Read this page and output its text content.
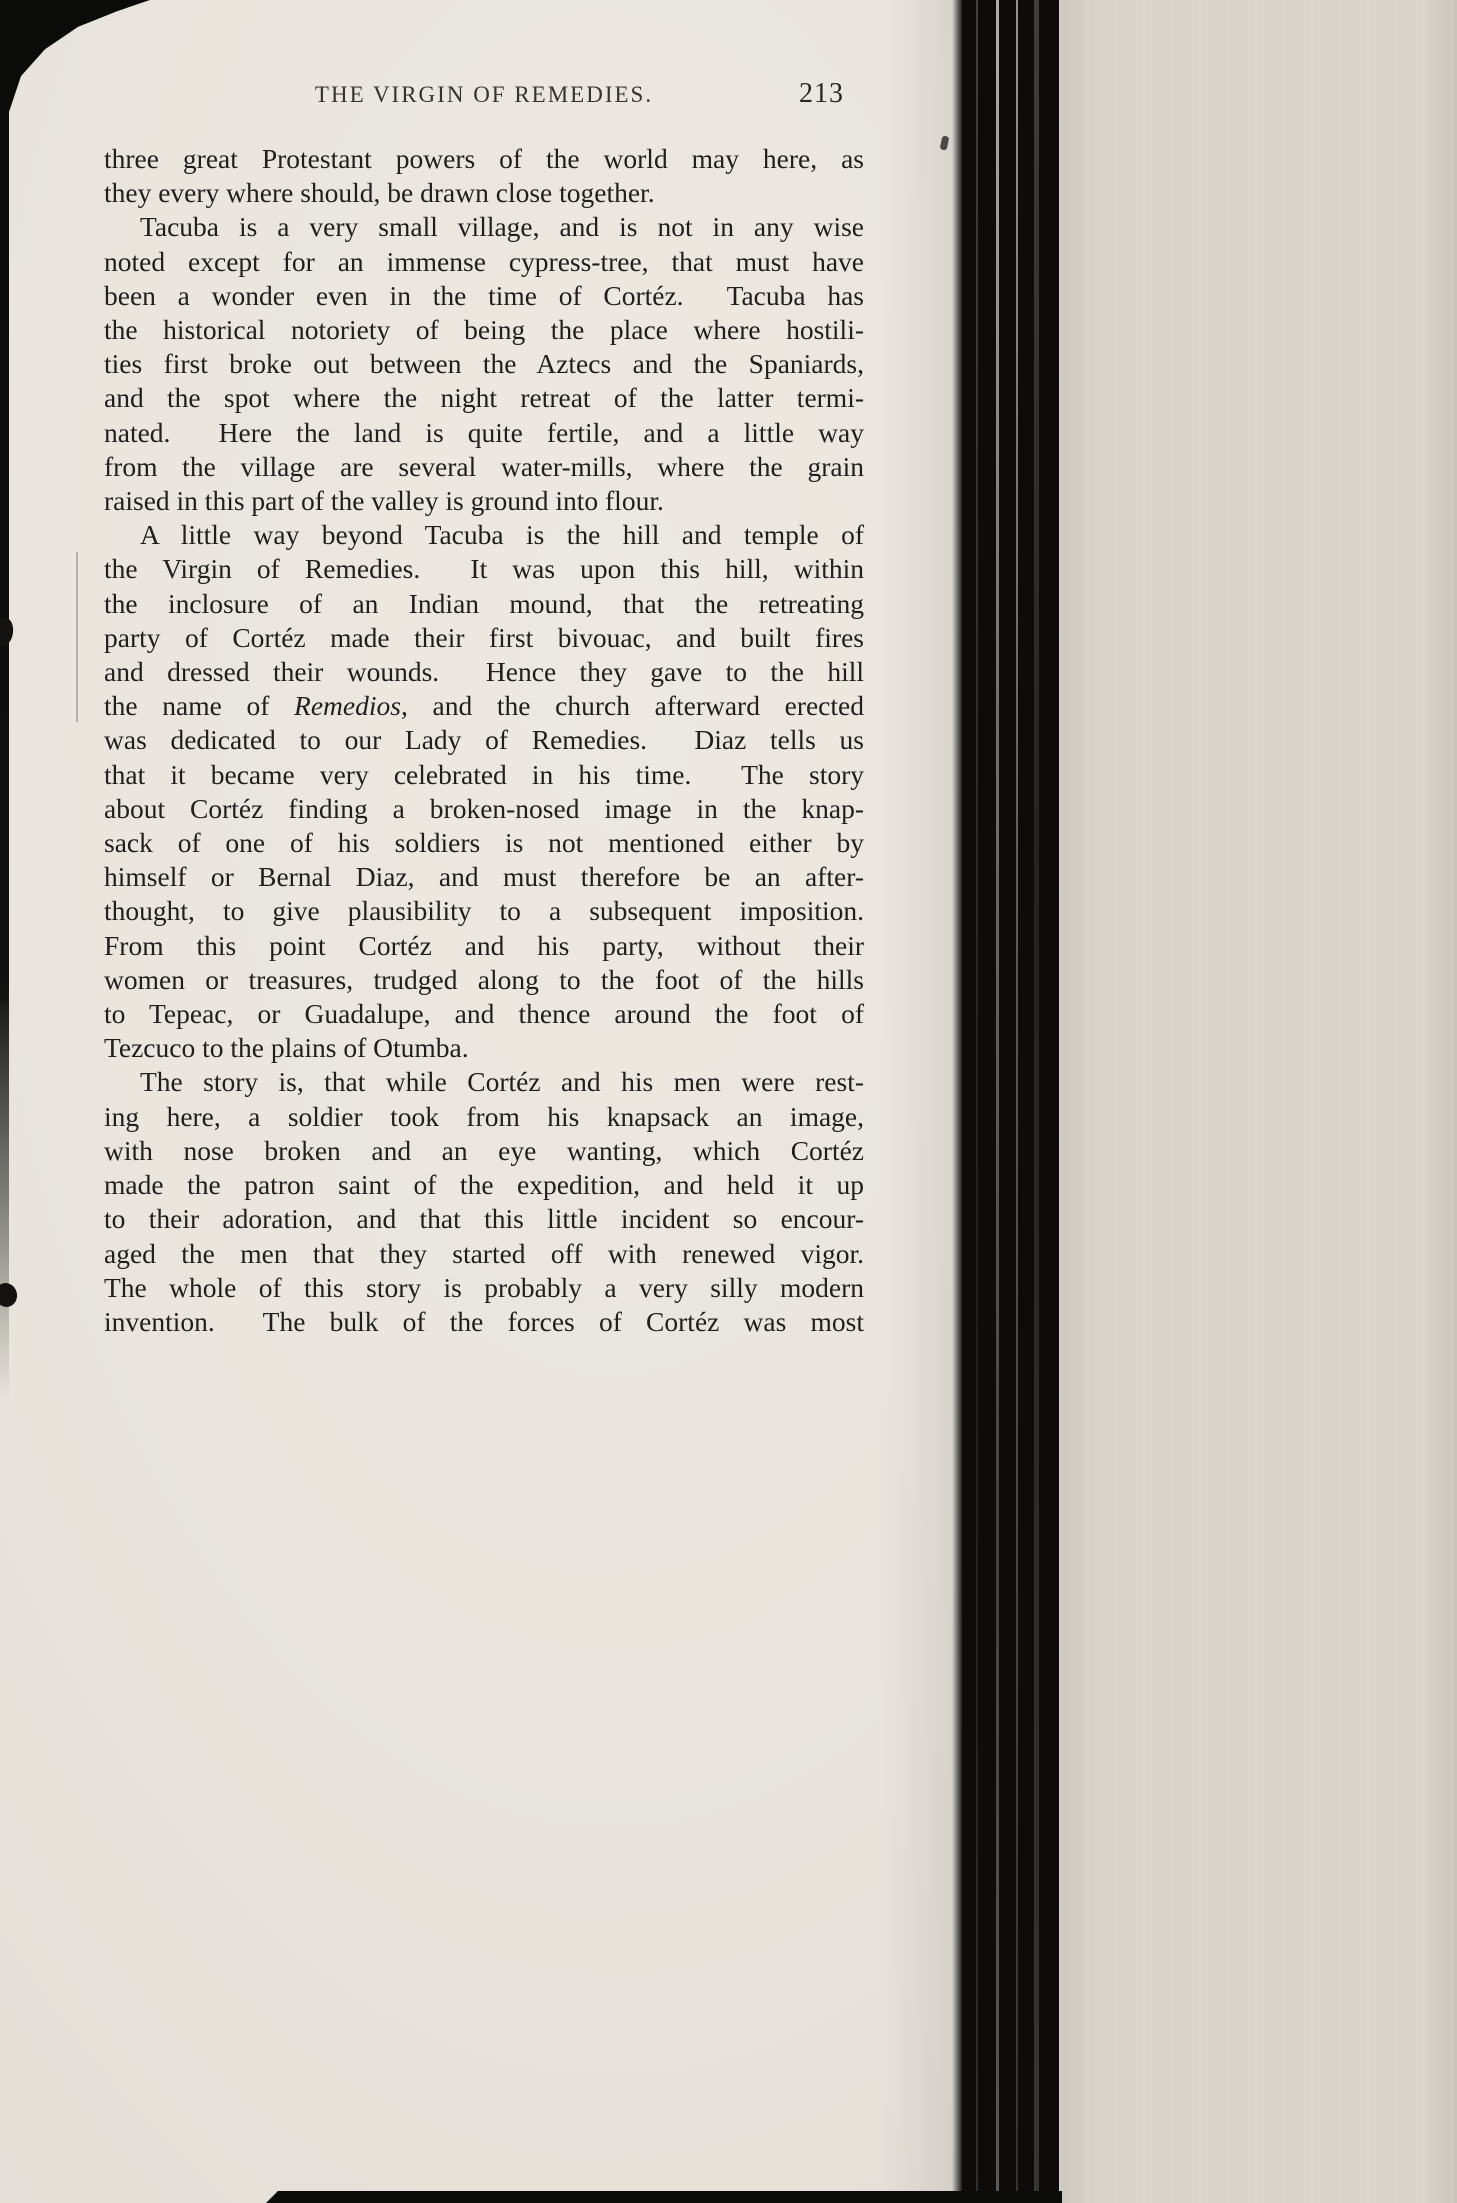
THE VIRGIN OF REMEDIES.	213
three great Protestant powers of the world may here, as
they every where should, be drawn close together.
Tacuba is a very small village, and is not in any wise
noted except for an immense cypress-tree, that must have
been a wonder even in the time of Cortéz.  Tacuba has
the historical notoriety of being the place where hostili-
ties first broke out between the Aztecs and the Spaniards,
and the spot where the night retreat of the latter termi-
nated.  Here the land is quite fertile, and a little way
from the village are several water-mills, where the grain
raised in this part of the valley is ground into flour.
A little way beyond Tacuba is the hill and temple of
the Virgin of Remedies.  It was upon this hill, within
the inclosure of an Indian mound, that the retreating
party of Cortéz made their first bivouac, and built fires
and dressed their wounds.  Hence they gave to the hill
the name of Remedios, and the church afterward erected
was dedicated to our Lady of Remedies.  Diaz tells us
that it became very celebrated in his time.  The story
about Cortéz finding a broken-nosed image in the knap-
sack of one of his soldiers is not mentioned either by
himself or Bernal Diaz, and must therefore be an after-
thought, to give plausibility to a subsequent imposition.
From this point Cortéz and his party, without their
women or treasures, trudged along to the foot of the hills
to Tepeac, or Guadalupe, and thence around the foot of
Tezcuco to the plains of Otumba.
The story is, that while Cortéz and his men were rest-
ing here, a soldier took from his knapsack an image,
with nose broken and an eye wanting, which Cortéz
made the patron saint of the expedition, and held it up
to their adoration, and that this little incident so encour-
aged the men that they started off with renewed vigor.
The whole of this story is probably a very silly modern
invention.  The bulk of the forces of Cortéz was most
